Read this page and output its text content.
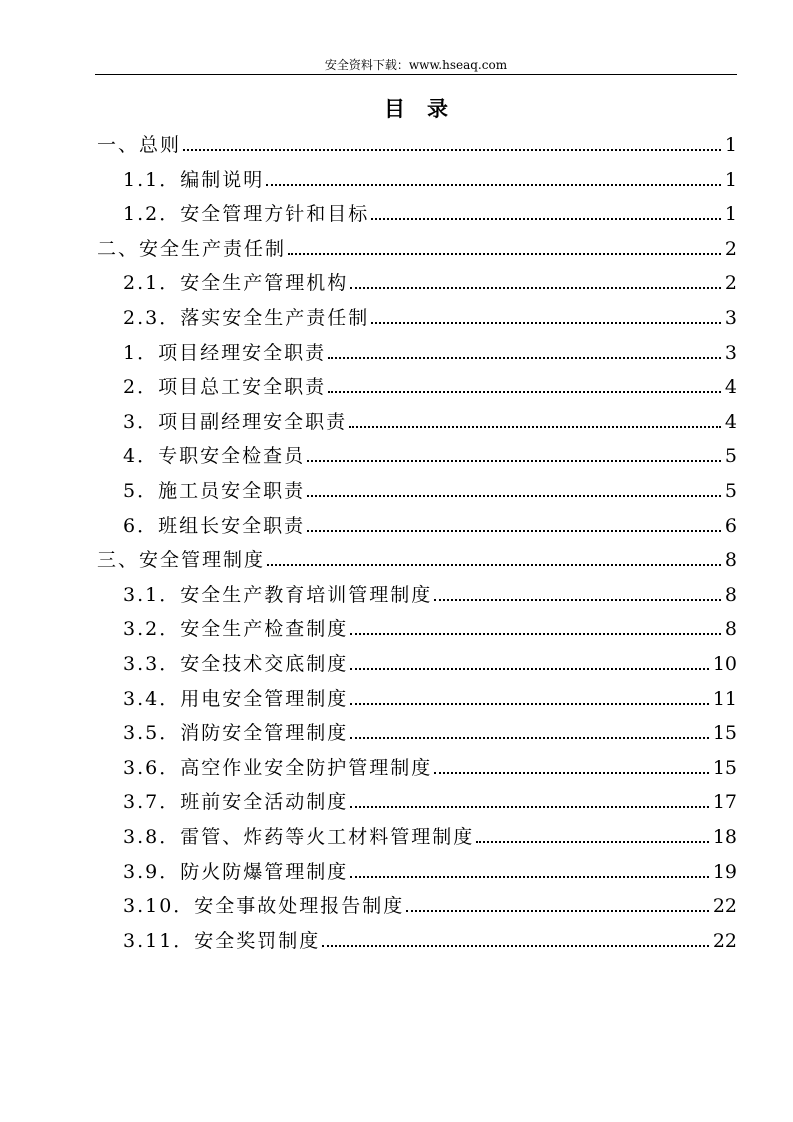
安全资料下载：www.hseaq.com
目录
一、总则	1
1.1．编制说明	1
1.2．安全管理方针和目标	1
二、安全生产责任制	2
2.1．安全生产管理机构	2
2.3．落实安全生产责任制	3
1．项目经理安全职责	3
2．项目总工安全职责	4
3．项目副经理安全职责	4
4．专职安全检查员	5
5．施工员安全职责	5
6．班组长安全职责	6
三、安全管理制度	8
3.1．安全生产教育培训管理制度	8
3.2．安全生产检查制度	8
3.3．安全技术交底制度	10
3.4．用电安全管理制度	11
3.5．消防安全管理制度	15
3.6．高空作业安全防护管理制度	15
3.7．班前安全活动制度	17
3.8．雷管、炸药等火工材料管理制度	18
3.9．防火防爆管理制度	19
3.10．安全事故处理报告制度	22
3.11．安全奖罚制度	22
